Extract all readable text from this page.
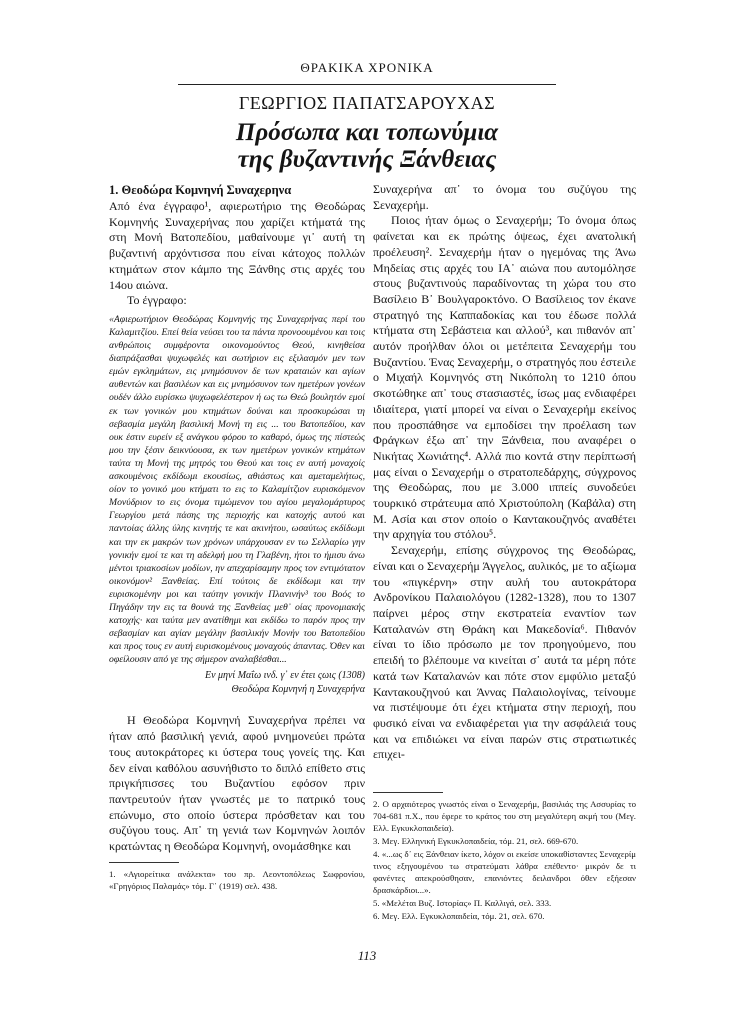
ΘΡΑΚΙΚΑ ΧΡΟΝΙΚΑ
ΓΕΩΡΓΙΟΣ ΠΑΠΑΤΣΑΡΟΥΧΑΣ
Πρόσωπα και τοπωνύμια
της βυζαντινής Ξάνθειας
1. Θεοδώρα Κομνηνή Συναχερηνα

Από ένα έγγραφο¹, αφιερωτήριο της Θεοδώρας Κομνηνής Συναχερήνας που χαρίζει κτήματά της στη Μονή Βατοπεδίου, μαθαίνουμε γι᾿ αυτή τη βυζαντινή αρχόντισσα που είναι κάτοχος πολλών κτημάτων στον κάμπο της Ξάνθης στις αρχές του 14ου αιώνα.

Το έγγραφο:

«Αφιερωτήριον Θεοδώρας Κομνηνής της Συναχερήνας περί του Καλαμιτζίου. Επεί θεία νεύσει του τα πάντα προνοουμένου και τοις ανθρώποις συμφέροντα οικονομούντος Θεού, κινηθείσα διαπράξασθαι ψυχωφελές και σωτήριον εις εξιλασμόν μεν των εμών εγκλημάτων, εις μνημόσυνον δε των κραταιών και αγίων αυθεντών και βασιλέων και εις μνημόσυνον των ημετέρων γονέων ουδέν άλλο ευρίσκω ψυχωφελέστερον ή ως τω Θεώ βουλητόν εμοί εκ των γονικών μου κτημάτων δούναι και προσκυρώσαι τη σεβασμία μεγάλη βασιλική Μονή τη εις ... του Βατοπεδίου, καν ουκ έστιν ευρείν εξ ανάγκου φόρου το καθαρό, όμως της πίστεώς μου την ξέσιν δεικνύουσα, εκ των ημετέρων γονικών κτημάτων ταύτα τη Μονή της μητρός του Θεού και τοις εν αυτή μοναχοίς ασκουμένοις εκδίδωμι εκουσίως, αθιάστως και αμεταμελήτως, οίον το γονικό μου κτήματι το εις το Καλαμίτζιον ευρισκόμενον Μονύδριον το εις όνομα τιμώμενον του αγίου μεγαλομάρτυρος Γεωργίου μετά πάσης της περιοχής και κατοχής αυτού και παντοίας άλλης ύλης κινητής τε και ακινήτου, ωσαύτως εκδίδωμι και την εκ μακρών των χρόνων υπάρχουσαν εν τω Σελλαρίω γην γονικήν εμοί τε και τη αδελφή μου τη Γλαβένη, ήτοι το ήμισυ άνω μέντοι τριακοσίων μοδίων, ην απεχαρίσαμην προς τον εντιμότατον οικονόμον² Ξανθείας. Επί τούτοις δε εκδίδωμι και την ευρισκομένην μοι και ταύτην γονικήν Πλανινήν³ του Βοός το Πηγάδην την εις τα θουνά της Ξανθείας μεθ᾿ οίας προνομιακής κατοχής· και ταύτα μεν ανατίθημι και εκδίδω το παρόν προς την σεβασμίαν και αγίαν μεγάλην βασιλικήν Μονήν του Βατοπεδίου και προς τους εν αυτή ευρισκομένους μοναχούς άπαντας. Όθεν και οφείλουσιν από γε της σήμερον αναλαβέσθαι...

Εν μηνί Μαΐω ινδ. γ᾿ εν έτει ςωις (1308)

Θεοδώρα Κομνηνή η Συναχερήνα

Η Θεοδώρα Κομνηνή Συναχερήνα πρέπει να ήταν από βασιλική γενιά, αφού μνημονεύει πρώτα τους αυτοκράτορες κι ύστερα τους γονείς της. Και δεν είναι καθόλου ασυνήθιστο το διπλό επίθετο στις πριγκήπισσες του Βυζαντίου εφόσον πριν παντρευτούν ήταν γνωστές με το πατρικό τους επώνυμο, στο οποίο ύστερα πρόσθεταν και του συζύγου τους. Απ᾿ τη γενιά των Κομνηνών λοιπόν κρατώντας η Θεοδώρα Κομνηνή, ονομάσθηκε και

Συναχερήνα απ᾿ το όνομα του συζύγου της Σεναχερήμ.

Ποιος ήταν όμως ο Σεναχερήμ; Το όνομα όπως φαίνεται και εκ πρώτης όψεως, έχει ανατολική προέλευση². Σεναχερήμ ήταν ο ηγεμόνας της Άνω Μηδείας στις αρχές του ΙΑ᾿ αιώνα που αυτομόλησε στους βυζαντινούς παραδίνοντας τη χώρα του στο Βασίλειο Β᾿ Βουλγαροκτόνο. Ο Βασίλειος τον έκανε στρατηγό της Καππαδοκίας και του έδωσε πολλά κτήματα στη Σεβάστεια και αλλού³, και πιθανόν απ᾿ αυτόν προήλθαν όλοι οι μετέπειτα Σεναχερήμ του Βυζαντίου. Ένας Σεναχερήμ, ο στρατηγός που έστειλε ο Μιχαήλ Κομνηνός στη Νικόπολη το 1210 όπου σκοτώθηκε απ᾿ τους στασιαστές, ίσως μας ενδιαφέρει ιδιαίτερα, γιατί μπορεί να είναι ο Σεναχερήμ εκείνος που προσπάθησε να εμποδίσει την προέλαση των Φράγκων έξω απ᾿ την Ξάνθεια, που αναφέρει ο Νικήτας Χωνιάτης⁴. Αλλά πιο κοντά στην περίπτωσή μας είναι ο Σεναχερήμ ο στρατοπεδάρχης, σύγχρονος της Θεοδώρας, που με 3.000 ιππείς συνοδεύει τουρκικό στράτευμα από Χριστούπολη (Καβάλα) στη Μ. Ασία και στον οποίο ο Καντακουζηνός αναθέτει την αρχηγία του στόλου⁵.

Σεναχερήμ, επίσης σύγχρονος της Θεοδώρας, είναι και ο Σεναχερήμ Άγγελος, αυλικός, με το αξίωμα του «πιγκέρνη» στην αυλή του αυτοκράτορα Ανδρονίκου Παλαιολόγου (1282-1328), που το 1307 παίρνει μέρος στην εκστρατεία εναντίον των Καταλανών στη Θράκη και Μακεδονία⁶. Πιθανόν είναι το ίδιο πρόσωπο με τον προηγούμενο, που επειδή το βλέπουμε να κινείται σ᾿ αυτά τα μέρη πότε κατά των Καταλανών και πότε στον εμφύλιο μεταξύ Καντακουζηνού και Άννας Παλαιολογίνας, τείνουμε να πιστέψουμε ότι έχει κτήματα στην περιοχή, που φυσικό είναι να ενδιαφέρεται για την ασφάλειά τους και να επιδιώκει να είναι παρών στις στρατιωτικές επιχει-

1. «Αγιορείτικα ανάλεκτα» του πρ. Λεοντοπόλεως Σωφρονίου, «Γρηγόριος Παλαμάς» τόμ. Γ᾿ (1919) σελ. 438.

2. Ο αρχαιότερος γνωστός είναι ο Σεναχερήμ, βασιλιάς της Ασσυρίας το 704-681 π.Χ., που έφερε το κράτος του στη μεγαλύτερη ακμή του (Μεγ. Ελλ. Εγκυκλοπαιδεία).

3. Μεγ. Ελληνική Εγκυκλοπαιδεία, τόμ. 21, σελ. 669-670.

4. «...ως δ᾿ εις Ξάνθειαν ίκετο, λόχον οι εκείσε υποκαθίσταντες Σεναχερίμ τινος εξηγουμένου τω στρατεύματι λάθρα επέθεντο· μικρόν δε τι φανέντες απεκρούσθησαν, επανιόντες δειλανδροι όθεν εξήεσαν δρασκάρδιοι...».

5. «Μελέται Βυζ. Ιστορίας» Π. Καλλιγά, σελ. 333.

6. Μεγ. Ελλ. Εγκυκλοπαιδεία, τόμ. 21, σελ. 670.

113
